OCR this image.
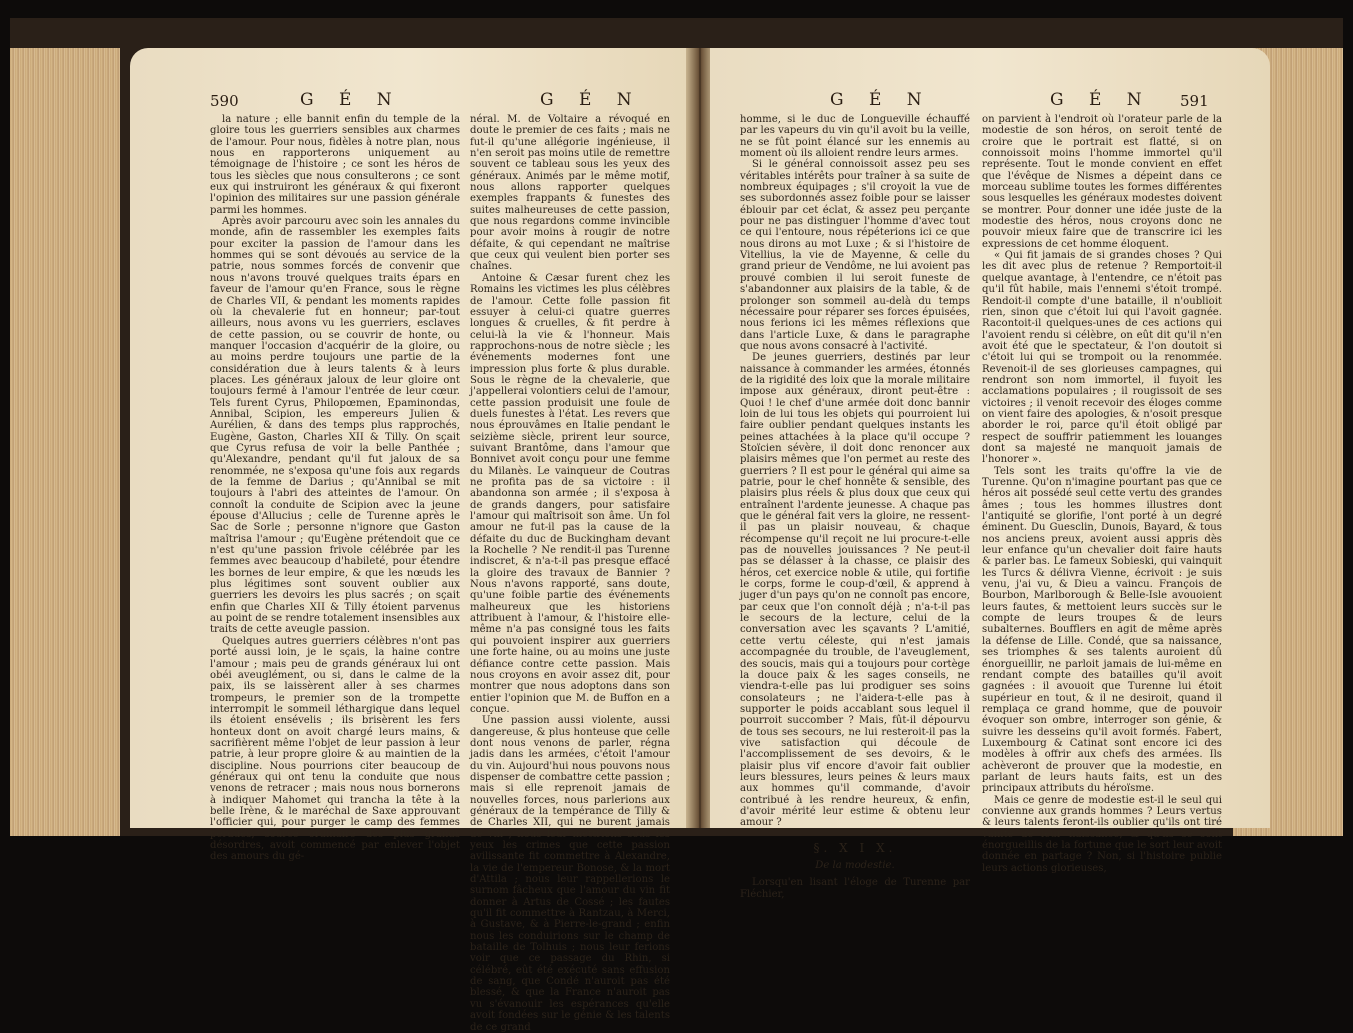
590	G É N	G É N

la nature ; elle bannit enfin du temple de la gloire tous les guerriers sensibles aux charmes de l'amour. Pour nous, fidèles à notre plan, nous nous en rapporterons uniquement au témoignage de l'histoire ; ce sont les héros de tous les siècles que nous consulterons ; ce sont eux qui instruiront les généraux & qui fixeront l'opinion des militaires sur une passion générale parmi les hommes.

Après avoir parcouru avec soin les annales du monde, afin de rassembler les exemples faits pour exciter la passion de l'amour dans les hommes qui se sont dévoués au service de la patrie, nous sommes forcés de convenir que nous n'avons trouvé quelques traits épars en faveur de l'amour qu'en France, sous le règne de Charles VII, & pendant les moments rapides où la chevalerie fut en honneur; par-tout ailleurs, nous avons vu les guerriers, esclaves de cette passion, ou se couvrir de honte, ou manquer l'occasion d'acquérir de la gloire, ou au moins perdre toujours une partie de la considération due à leurs talents & à leurs places. Les généraux jaloux de leur gloire ont toujours fermé à l'amour l'entrée de leur cœur. Tels furent Cyrus, Philopœmen, Epaminondas, Annibal, Scipion, les empereurs Julien & Aurélien, & dans des temps plus rapprochés, Eugène, Gaston, Charles XII & Tilly. On sçait que Cyrus refusa de voir la belle Panthée ; qu'Alexandre, pendant qu'il fut jaloux de sa renommée, ne s'exposa qu'une fois aux regards de la femme de Darius ; qu'Annibal se mit toujours à l'abri des atteintes de l'amour. On connoît la conduite de Scipion avec la jeune épouse d'Allucius ; celle de Turenne après le Sac de Sorle ; personne n'ignore que Gaston maîtrisa l'amour ; qu'Eugène prétendoit que ce n'est qu'une passion frivole célébrée par les femmes avec beaucoup d'habileté, pour étendre les bornes de leur empire, & que les nœuds les plus légitimes sont souvent oublier aux guerriers les devoirs les plus sacrés ; on sçait enfin que Charles XII & Tilly étoient parvenus au point de se rendre totalement insensibles aux traits de cette aveugle passion.

Quelques autres guerriers célèbres n'ont pas porté aussi loin, je le sçais, la haine contre l'amour ; mais peu de grands généraux lui ont obéi aveuglément, ou si, dans le calme de la paix, ils se laissèrent aller à ses charmes trompeurs, le premier son de la trompette interrompit le sommeil léthargique dans lequel ils étoient ensévelis ; ils brisèrent les fers honteux dont on avoit chargé leurs mains, & sacrifièrent même l'objet de leur passion à leur patrie, à leur propre gloire & au maintien de la discipline. Nous pourrions citer beaucoup de généraux qui ont tenu la conduite que nous venons de retracer ; mais nous nous bornerons à indiquer Mahomet qui trancha la tête à la belle Irène, & le maréchal de Saxe approuvant l'officier qui, pour purger le camp des femmes perdues, source ordinaire des plus grands désordres, avoit commencé par enlever l'objet des amours du gé-

néral. M. de Voltaire a révoqué en doute le premier de ces faits ; mais ne fut-il qu'une allégorie ingénieuse, il n'en seroit pas moins utile de remettre souvent ce tableau sous les yeux des généraux. Animés par le même motif, nous allons rapporter quelques exemples frappants & funestes des suites malheureuses de cette passion, que nous regardons comme invincible pour avoir moins à rougir de notre défaite, & qui cependant ne maîtrise que ceux qui veulent bien porter ses chaînes.

Antoine & Cæsar furent chez les Romains les victimes les plus célèbres de l'amour. Cette folle passion fit essuyer à celui-ci quatre guerres longues & cruelles, & fit perdre à celui-là la vie & l'honneur. Mais rapprochons-nous de notre siècle ; les événements modernes font une impression plus forte & plus durable. Sous le règne de la chevalerie, que j'appellerai volontiers celui de l'amour, cette passion produisit une foule de duels funestes à l'état. Les revers que nous éprouvâmes en Italie pendant le seizième siècle, prirent leur source, suivant Brantôme, dans l'amour que Bonnivet avoit conçu pour une femme du Milanès. Le vainqueur de Coutras ne profita pas de sa victoire : il abandonna son armée ; il s'exposa à de grands dangers, pour satisfaire l'amour qui maîtrisoit son âme. Un fol amour ne fut-il pas la cause de la défaite du duc de Buckingham devant la Rochelle ? Ne rendit-il pas Turenne indiscret, & n'a-t-il pas presque effacé la gloire des travaux de Bannier ? Nous n'avons rapporté, sans doute, qu'une foible partie des événements malheureux que les historiens attribuent à l'amour, & l'histoire elle-même n'a pas consigné tous les faits qui pouvoient inspirer aux guerriers une forte haine, ou au moins une juste défiance contre cette passion. Mais nous croyons en avoir assez dit, pour montrer que nous adoptons dans son entier l'opinion que M. de Buffon en a conçue.

Une passion aussi violente, aussi dangereuse, & plus honteuse que celle dont nous venons de parler, régna jadis dans les armées, c'étoit l'amour du vin. Aujourd'hui nous pouvons nous dispenser de combattre cette passion ; mais si elle reprenoit jamais de nouvelles forces, nous parlerions aux généraux de la tempérance de Tilly & de Charles XII, qui ne burent jamais de vin ; nous leur mettrions sous les yeux les crimes que cette passion avilissante fit commettre à Alexandre, la vie de l'empereur Bonose, & la mort d'Attila ; nous leur rappellerions le surnom fâcheux que l'amour du vin fit donner à Artus de Cossé ; les fautes qu'il fit commettre à Rantzau, à Merci, à Gustave, & à Pierre-le-grand ; enfin nous les conduirions sur le champ de bataille de Tolhuis ; nous leur ferions voir que ce passage du Rhin, si célébré, eût été exécuté sans effusion de sang, que Condé n'auroit pas été blessé, & que la France n'auroit pas vu s'évanouir les espérances qu'elle avoit fondées sur le génie & les talents de ce grand

G É N	G É N 591

homme, si le duc de Longueville échauffé par les vapeurs du vin qu'il avoit bu la veille, ne se fût point élancé sur les ennemis au moment où ils alloient rendre leurs armes.

Si le général connoissoit assez peu ses véritables intérêts pour traîner à sa suite de nombreux équipages ; s'il croyoit la vue de ses subordonnés assez foible pour se laisser éblouir par cet éclat, & assez peu perçante pour ne pas distinguer l'homme d'avec tout ce qui l'entoure, nous répéterions ici ce que nous dirons au mot Luxe ; & si l'histoire de Vitellius, la vie de Mayenne, & celle du grand prieur de Vendôme, ne lui avoient pas prouvé combien il lui seroit funeste de s'abandonner aux plaisirs de la table, & de prolonger son sommeil au-delà du temps nécessaire pour réparer ses forces épuisées, nous ferions ici les mêmes réflexions que dans l'article Luxe, & dans le paragraphe que nous avons consacré à l'activité.

De jeunes guerriers, destinés par leur naissance à commander les armées, étonnés de la rigidité des loix que la morale militaire impose aux généraux, diront peut-être : Quoi ! le chef d'une armée doit donc bannir loin de lui tous les objets qui pourroient lui faire oublier pendant quelques instants les peines attachées à la place qu'il occupe ? Stoïcien sévère, il doit donc renoncer aux plaisirs mêmes que l'on permet au reste des guerriers ? Il est pour le général qui aime sa patrie, pour le chef honnête & sensible, des plaisirs plus réels & plus doux que ceux qui entraînent l'ardente jeunesse. A chaque pas que le général fait vers la gloire, ne ressent-il pas un plaisir nouveau, & chaque récompense qu'il reçoit ne lui procure-t-elle pas de nouvelles jouissances ? Ne peut-il pas se délasser à la chasse, ce plaisir des héros, cet exercice noble & utile, qui fortifie le corps, forme le coup-d'œil, & apprend à juger d'un pays qu'on ne connoît pas encore, par ceux que l'on connoît déjà ; n'a-t-il pas le secours de la lecture, celui de la conversation avec les sçavants ? L'amitié, cette vertu céleste, qui n'est jamais accompagnée du trouble, de l'aveuglement, des soucis, mais qui a toujours pour cortège la douce paix & les sages conseils, ne viendra-t-elle pas lui prodiguer ses soins consolateurs ; ne l'aidera-t-elle pas à supporter le poids accablant sous lequel il pourroit succomber ? Mais, fût-il dépourvu de tous ses secours, ne lui resteroit-il pas la vive satisfaction qui découle de l'accomplissement de ses devoirs, & le plaisir plus vif encore d'avoir fait oublier leurs blessures, leurs peines & leurs maux aux hommes qu'il commande, d'avoir contribué à les rendre heureux, & enfin, d'avoir mérité leur estime & obtenu leur amour ?

§. X I X.

De la modestie.

Lorsqu'en lisant l'éloge de Turenne par Fléchier,

on parvient à l'endroit où l'orateur parle de la modestie de son héros, on seroit tenté de croire que le portrait est flatté, si on connoissoit moins l'homme immortel qu'il représente. Tout le monde convient en effet que l'évêque de Nismes a dépeint dans ce morceau sublime toutes les formes différentes sous lesquelles les généraux modestes doivent se montrer. Pour donner une idée juste de la modestie des héros, nous croyons donc ne pouvoir mieux faire que de transcrire ici les expressions de cet homme éloquent.

« Qui fit jamais de si grandes choses ? Qui les dit avec plus de retenue ? Remportoit-il quelque avantage, à l'entendre, ce n'étoit pas qu'il fût habile, mais l'ennemi s'étoit trompé. Rendoit-il compte d'une bataille, il n'oublioit rien, sinon que c'étoit lui qui l'avoit gagnée. Racontoit-il quelques-unes de ces actions qui l'avoient rendu si célèbre, on eût dit qu'il n'en avoit été que le spectateur, & l'on doutoit si c'étoit lui qui se trompoit ou la renommée. Revenoit-il de ses glorieuses campagnes, qui rendront son nom immortel, il fuyoit les acclamations populaires ; il rougissoit de ses victoires ; il venoit recevoir des éloges comme on vient faire des apologies, & n'osoit presque aborder le roi, parce qu'il étoit obligé par respect de souffrir patiemment les louanges dont sa majesté ne manquoit jamais de l'honorer ».

Tels sont les traits qu'offre la vie de Turenne. Qu'on n'imagine pourtant pas que ce héros ait possédé seul cette vertu des grandes âmes ; tous les hommes illustres dont l'antiquité se glorifie, l'ont porté à un degré éminent. Du Guesclin, Dunois, Bayard, & tous nos anciens preux, avoient aussi appris dès leur enfance qu'un chevalier doit faire hauts & parler bas. Le fameux Sobieski, qui vainquit les Turcs & délivra Vienne, écrivoit : je suis venu, j'ai vu, & Dieu a vaincu. François de Bourbon, Marlborough & Belle-Isle avouoient leurs fautes, & mettoient leurs succès sur le compte de leurs troupes & de leurs subalternes. Boufflers en agit de même après la défense de Lille. Condé, que sa naissance, ses triomphes & ses talents auroient dû énorgueillir, ne parloit jamais de lui-même en rendant compte des batailles qu'il avoit gagnées : il avouoit que Turenne lui étoit supérieur en tout, & il ne desiroit, quand il remplaça ce grand homme, que de pouvoir évoquer son ombre, interroger son génie, & suivre les desseins qu'il avoit formés. Fabert, Luxembourg & Catinat sont encore ici des modèles à offrir aux chefs des armées. Ils achèveront de prouver que la modestie, en parlant de leurs hauts faits, est un des principaux attributs du héroïsme.

Mais ce genre de modestie est-il le seul qui convienne aux grands hommes ? Leurs vertus & leurs talents feront-ils oublier qu'ils ont tiré vanité de leur naissance, & qu'ils se sont énorgueillis de la fortune que le sort leur avoit donnée en partage ? Non, si l'histoire publie leurs actions glorieuses,
